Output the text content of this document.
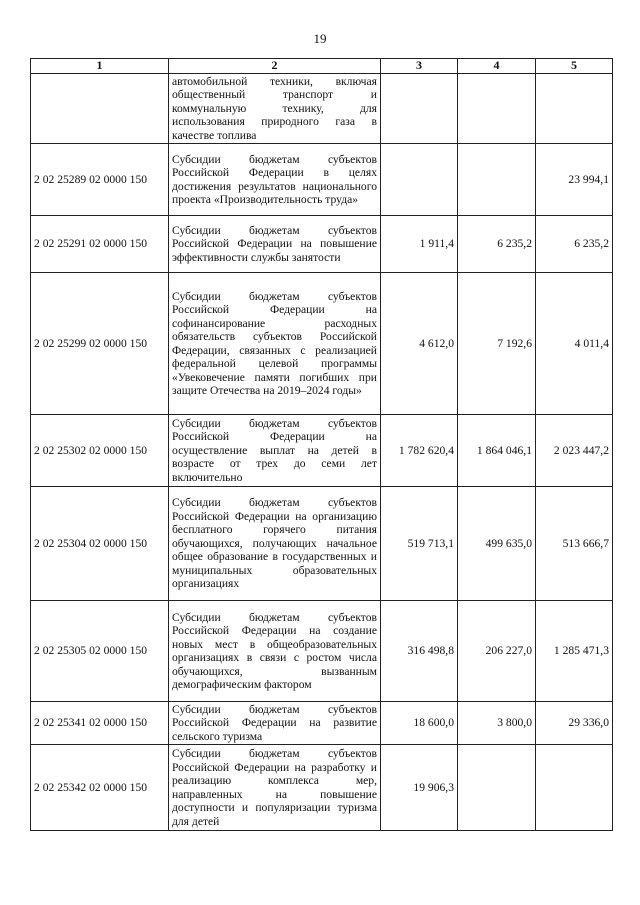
19
1	2	3	4	5
	автомобильной техники, включая общественный транспорт и коммунальную технику, для использования природного газа в качестве топлива			
2 02 25289 02 0000 150	Субсидии бюджетам субъектов Российской Федерации в целях достижения результатов национального проекта «Производительность труда»			23 994,1
2 02 25291 02 0000 150	Субсидии бюджетам субъектов Российской Федерации на повышение эффективности службы занятости	1 911,4	6 235,2	6 235,2
2 02 25299 02 0000 150	Субсидии бюджетам субъектов Российской Федерации на софинансирование расходных обязательств субъектов Российской Федерации, связанных с реализацией федеральной целевой программы «Увековечение памяти погибших при защите Отечества на 2019–2024 годы»	4 612,0	7 192,6	4 011,4
2 02 25302 02 0000 150	Субсидии бюджетам субъектов Российской Федерации на осуществление выплат на детей в возрасте от трех до семи лет включительно	1 782 620,4	1 864 046,1	2 023 447,2
2 02 25304 02 0000 150	Субсидии бюджетам субъектов Российской Федерации на организацию бесплатного горячего питания обучающихся, получающих начальное общее образование в государственных и муниципальных образовательных организациях	519 713,1	499 635,0	513 666,7
2 02 25305 02 0000 150	Субсидии бюджетам субъектов Российской Федерации на создание новых мест в общеобразовательных организациях в связи с ростом числа обучающихся, вызванным демографическим фактором	316 498,8	206 227,0	1 285 471,3
2 02 25341 02 0000 150	Субсидии бюджетам субъектов Российской Федерации на развитие сельского туризма	18 600,0	3 800,0	29 336,0
2 02 25342 02 0000 150	Субсидии бюджетам субъектов Российской Федерации на разработку и реализацию комплекса мер, направленных на повышение доступности и популяризации туризма для детей	19 906,3		
